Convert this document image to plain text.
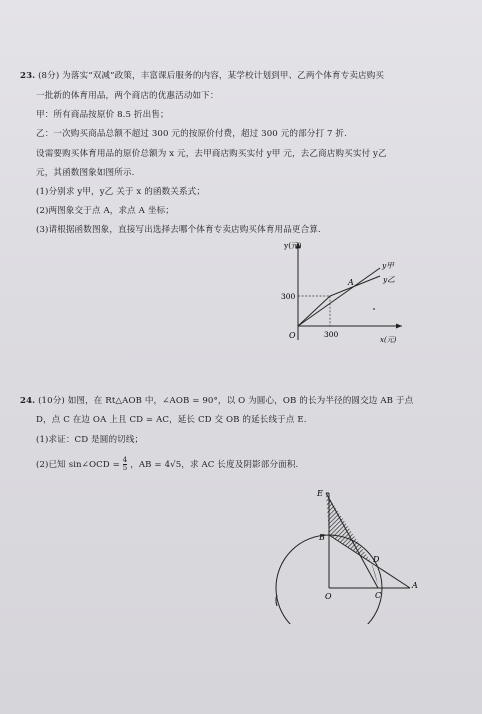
23. (8分) 为落实“双减”政策，丰富课后服务的内容，某学校计划到甲、乙两个体育专卖店购买
一批新的体育用品，两个商店的优惠活动如下：
甲：所有商品按原价 8.5 折出售；
乙：一次购买商品总额不超过 300 元的按原价付费，超过 300 元的部分打 7 折.
设需要购买体育用品的原价总额为 x 元，去甲商店购买实付 y甲 元，去乙商店购买实付 y乙
元，其函数图象如图所示.
(1)分别求 y甲，y乙 关于 x 的函数关系式；
(2)两图象交于点 A，求点 A 坐标；
(3)请根据函数图象，直接写出选择去哪个体育专卖店购买体育用品更合算.
y(元)
x(元)
O
300
300
A
y甲
y乙
24. (10分) 如图，在 Rt△AOB 中，∠AOB = 90°，以 O 为圆心，OB 的长为半径的圆交边 AB 于点
D，点 C 在边 OA 上且 CD = AC，延长 CD 交 OB 的延长线于点 E.
(1)求证：CD 是圆的切线；
(2)已知 sin∠OCD = $\frac{4}{5}$ ，AB = 4√5，求 AC 长度及阴影部分面积.
E
B
D
A
O	C
